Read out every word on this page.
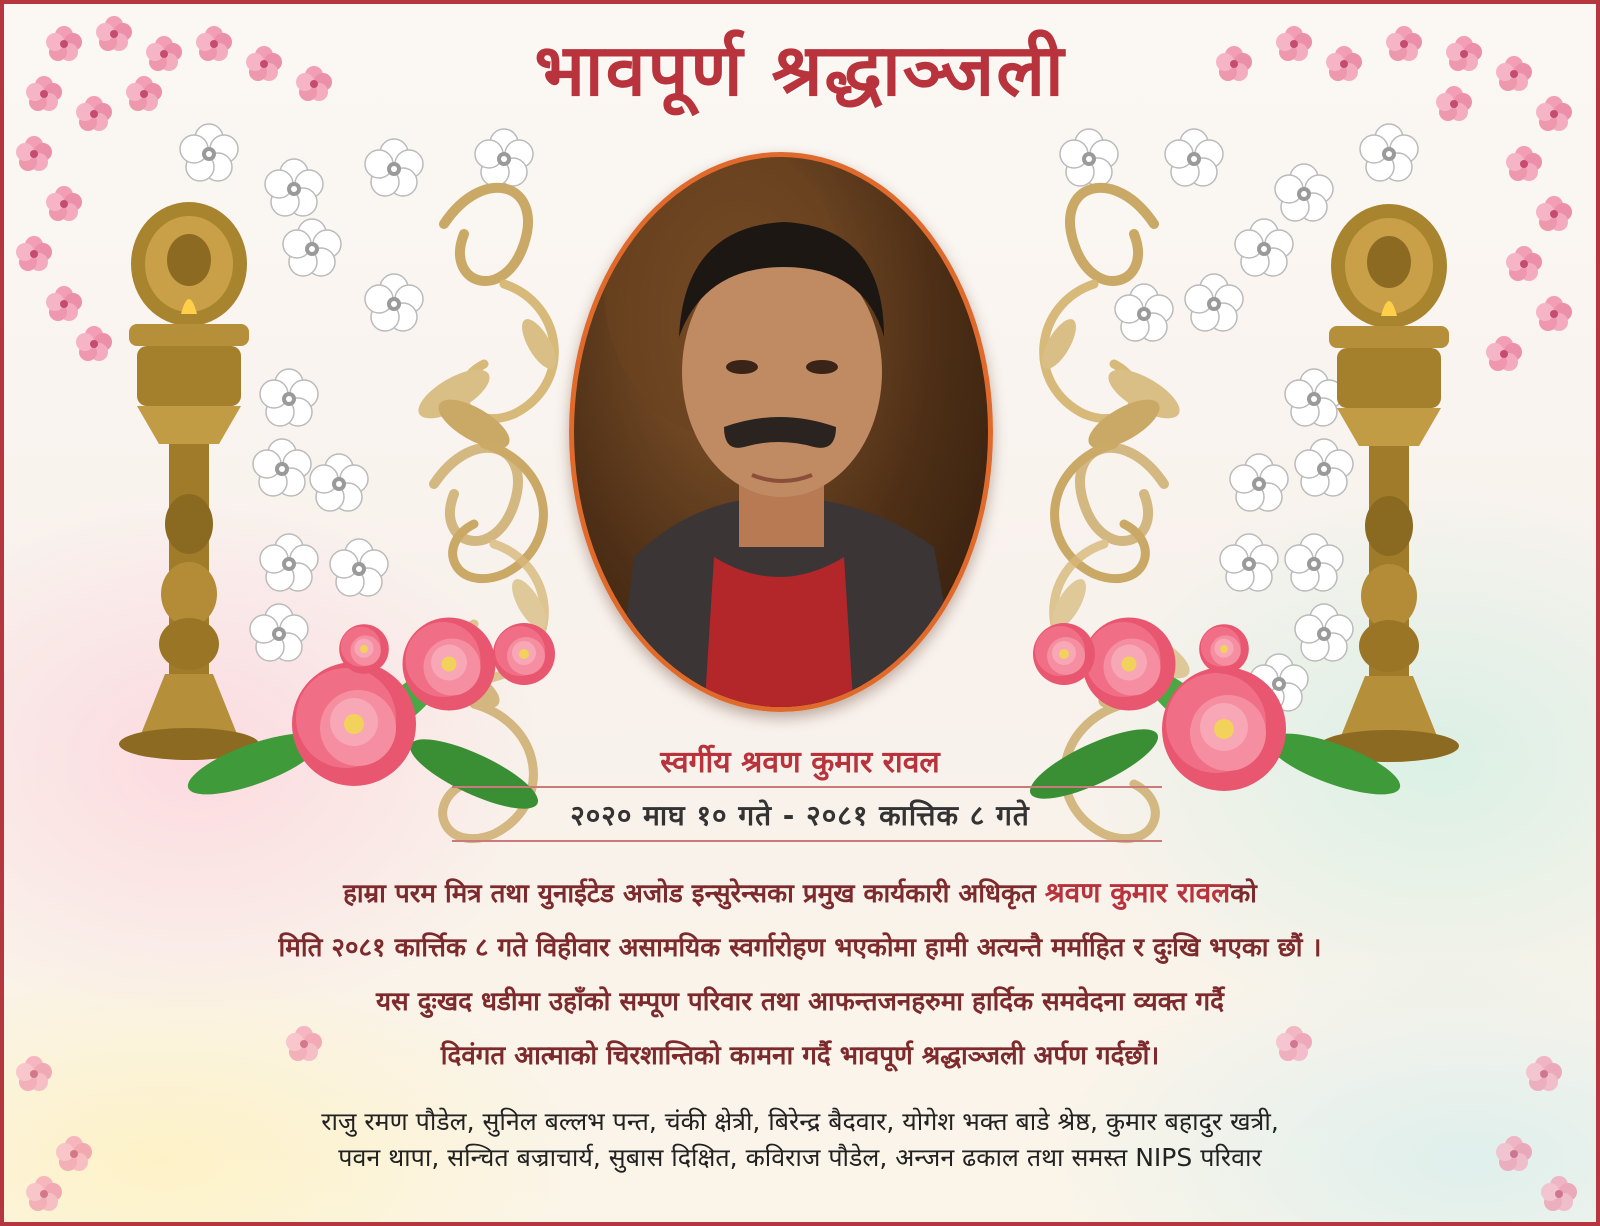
भावपूर्ण श्रद्धाञ्जली
स्वर्गीय श्रवण कुमार रावल
२०२० माघ १० गते - २०८१ कात्तिक ८ गते
हाम्रा परम मित्र तथा युनाईटेड अजोड इन्सुरेन्सका प्रमुख कार्यकारी अधिकृत श्रवण कुमार रावलको
मिति २०८१ कार्त्तिक ८ गते विहीवार असामयिक स्वर्गारोहण भएकोमा हामी अत्यन्तै मर्माहित र दुःखि भएका छौं ।
यस दुःखद धडीमा उहाँको सम्पूण परिवार तथा आफन्तजनहरुमा हार्दिक समवेदना व्यक्त गर्दै
दिवंगत आत्माको चिरशान्तिको कामना गर्दै भावपूर्ण श्रद्धाञ्जली अर्पण गर्दछौं।
राजु रमण पौडेल, सुनिल बल्लभ पन्त, चंकी क्षेत्री, बिरेन्द्र बैदवार, योगेश भक्त बाडे श्रेष्ठ, कुमार बहादुर खत्री,
पवन थापा, सन्चित बज्राचार्य, सुबास दिक्षित, कविराज पौडेल, अन्जन ढकाल तथा समस्त NIPS परिवार
